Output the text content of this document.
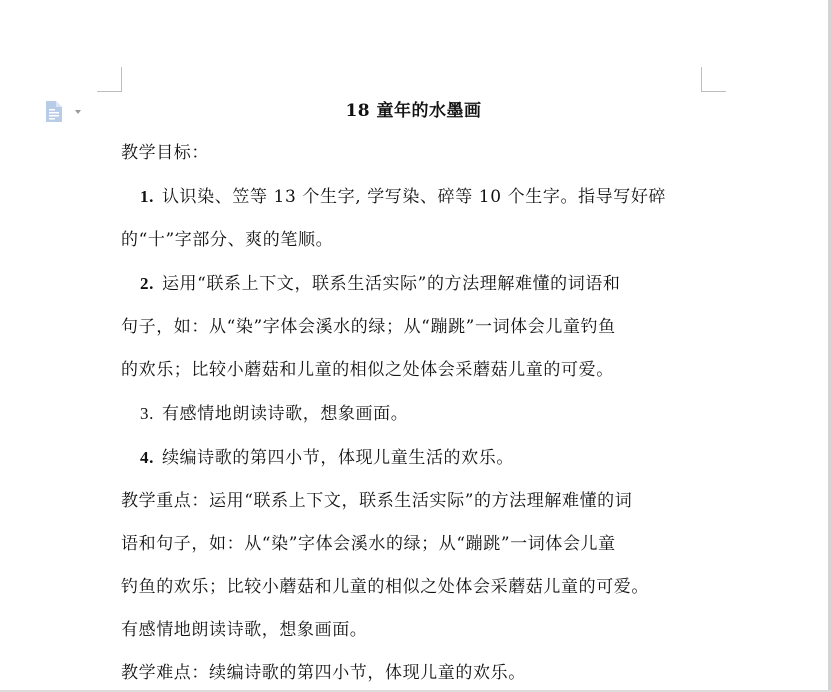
18 童年的水墨画

教学目标：

1. 认识染、笠等 13 个生字, 学写染、碎等 10 个生字。指导写好碎

的“十”字部分、爽的笔顺。

2. 运用“联系上下文，联系生活实际”的方法理解难懂的词语和

句子，如：从“染”字体会溪水的绿；从“蹦跳”一词体会儿童钓鱼

的欢乐；比较小蘑菇和儿童的相似之处体会采蘑菇儿童的可爱。

3. 有感情地朗读诗歌，想象画面。

4. 续编诗歌的第四小节，体现儿童生活的欢乐。

教学重点：运用“联系上下文，联系生活实际”的方法理解难懂的词

语和句子，如：从“染”字体会溪水的绿；从“蹦跳”一词体会儿童

钓鱼的欢乐；比较小蘑菇和儿童的相似之处体会采蘑菇儿童的可爱。

有感情地朗读诗歌，想象画面。

教学难点：续编诗歌的第四小节，体现儿童的欢乐。
